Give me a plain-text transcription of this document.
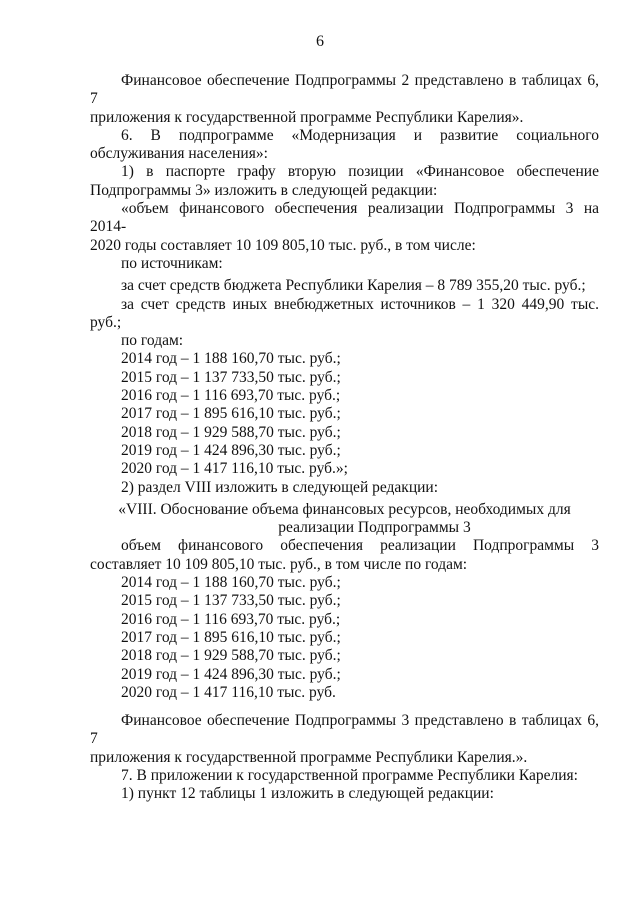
6

Финансовое обеспечение Подпрограммы 2 представлено в таблицах 6, 7

приложения к государственной программе Республики Карелия».

6. В подпрограмме «Модернизация и развитие социального

обслуживания населения»:

1) в паспорте графу вторую позиции «Финансовое обеспечение

Подпрограммы 3» изложить в следующей редакции:

«объем финансового обеспечения реализации Подпрограммы 3 на 2014-

2020 годы составляет 10 109 805,10 тыс. руб., в том числе:

по источникам:

за счет средств бюджета Республики Карелия – 8 789 355,20 тыс. руб.;

за счет средств иных внебюджетных источников – 1 320 449,90 тыс.

руб.;

по годам:

2014 год – 1 188 160,70 тыс. руб.;

2015 год – 1 137 733,50 тыс. руб.;

2016 год – 1 116 693,70 тыс. руб.;

2017 год – 1 895 616,10 тыс. руб.;

2018 год – 1 929 588,70 тыс. руб.;

2019 год – 1 424 896,30 тыс. руб.;

2020 год – 1 417 116,10 тыс. руб.»;

2) раздел VIII изложить в следующей редакции:

«VIII. Обоснование объема финансовых ресурсов, необходимых для

реализации Подпрограммы 3

объем финансового обеспечения реализации Подпрограммы 3

составляет 10 109 805,10 тыс. руб., в том числе по годам:

2014 год – 1 188 160,70 тыс. руб.;

2015 год – 1 137 733,50 тыс. руб.;

2016 год – 1 116 693,70 тыс. руб.;

2017 год – 1 895 616,10 тыс. руб.;

2018 год – 1 929 588,70 тыс. руб.;

2019 год – 1 424 896,30 тыс. руб.;

2020 год – 1 417 116,10 тыс. руб.

Финансовое обеспечение Подпрограммы 3 представлено в таблицах 6, 7

приложения к государственной программе Республики Карелия.».

7. В приложении к государственной программе Республики Карелия:

1) пункт 12 таблицы 1 изложить в следующей редакции:
